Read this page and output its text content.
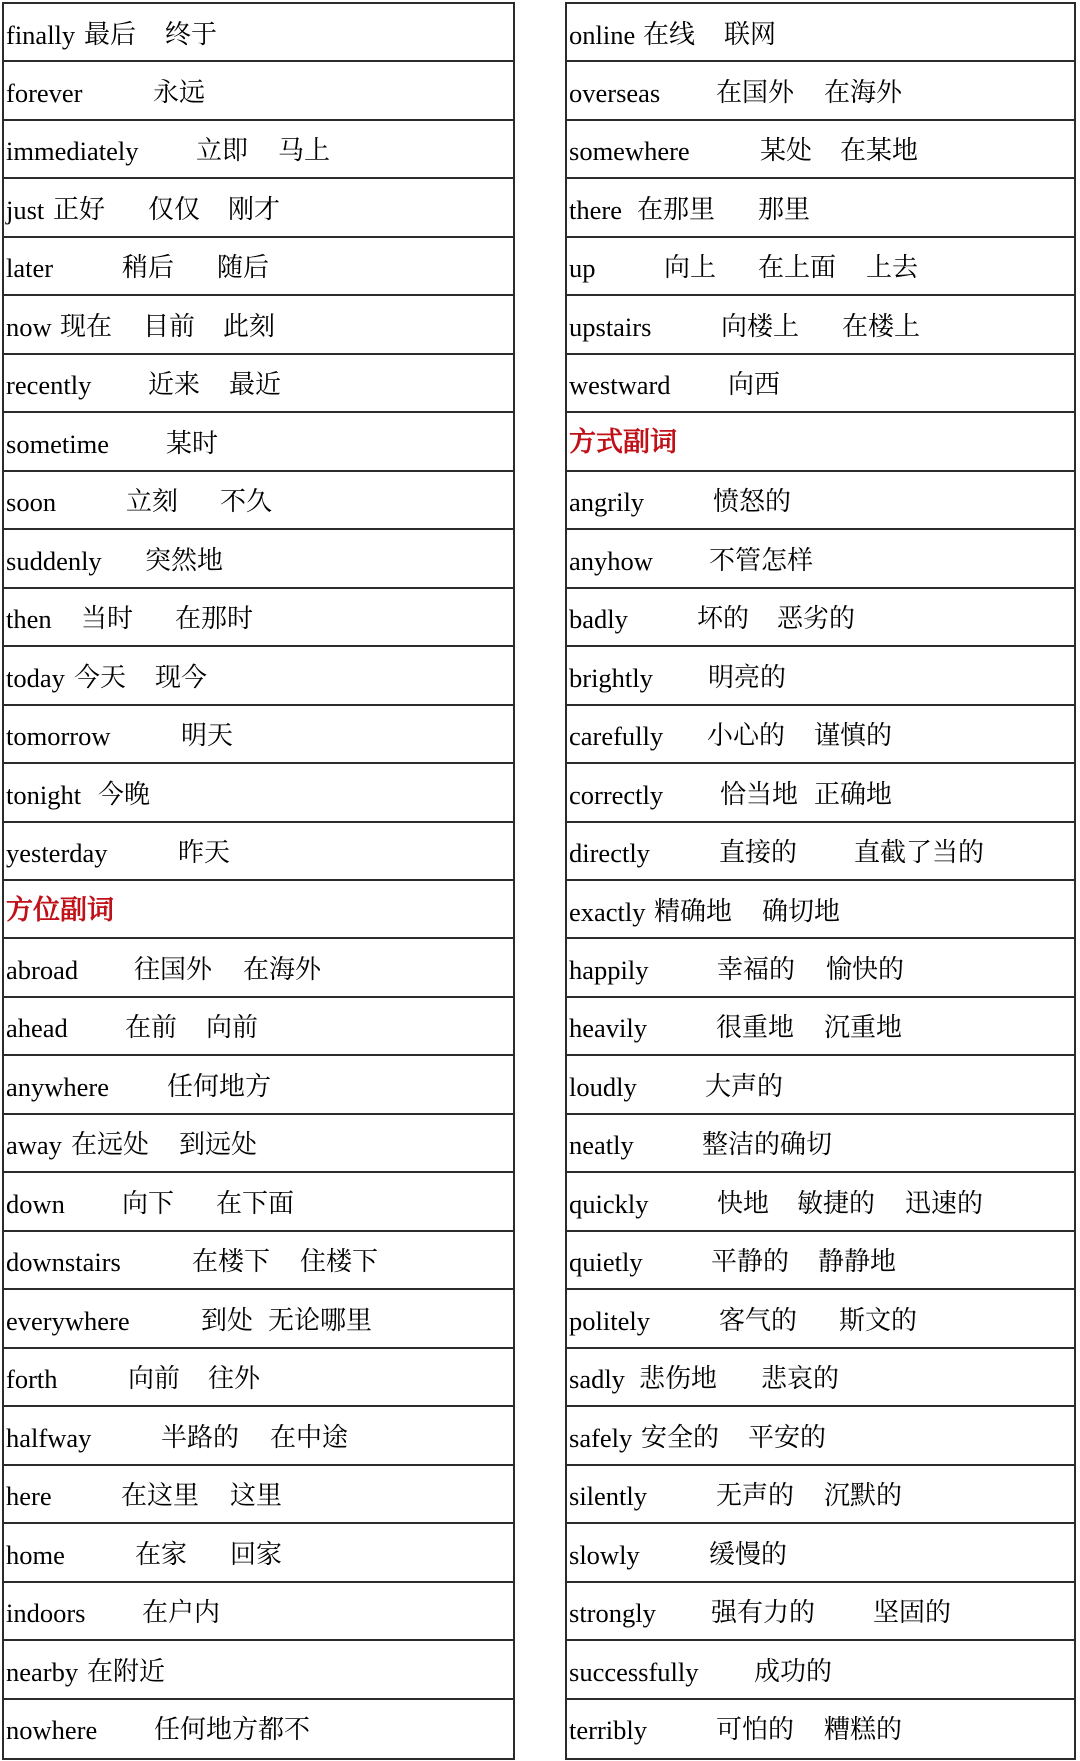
finally 最后 终于
forever	永远
immediately 立即 马上
just 正好 仅仅 刚才
later	稍后 随后
now 现在 目前 此刻
recently 近来 最近
sometime 某时
soon	立刻 不久
suddenly 突然地
then 当时 在那时
today 今天 现今
tomorrow	明天
tonight 今晚
yesterday	昨天
方位副词
abroad 往国外 在海外
ahead 在前 向前
anywhere 任何地方
away 在远处 到远处
down 向下 在下面
downstairs	在楼下 住楼下
everywhere	到处 无论哪里
forth	向前 往外
halfway	半路的 在中途
here	在这里 这里
home	在家 回家
indoors 在户内
nearby 在附近
nowhere 任何地方都不
online 在线 联网
overseas 在国外 在海外
somewhere	某处 在某地
there 在那里 那里
up	向上 在上面 上去
upstairs	向楼上 在楼上
westward 向西
方式副词
angrily	愤怒的
anyhow 不管怎样
badly	坏的 恶劣的
brightly 明亮的
carefully 小心的 谨慎的
correctly 恰当地 正确地
directly	直接的 直截了当的
exactly 精确地 确切地
happily	幸福的 愉快的
heavily	很重地 沉重地
loudly	大声的
neatly	整洁的确切
quickly	快地 敏捷的 迅速的
quietly	平静的 静静地
politely	客气的 斯文的
sadly 悲伤地 悲哀的
safely 安全的 平安的
silently	无声的 沉默的
slowly	缓慢的
strongly 强有力的 坚固的
successfully 成功的
terribly	可怕的 糟糕的
